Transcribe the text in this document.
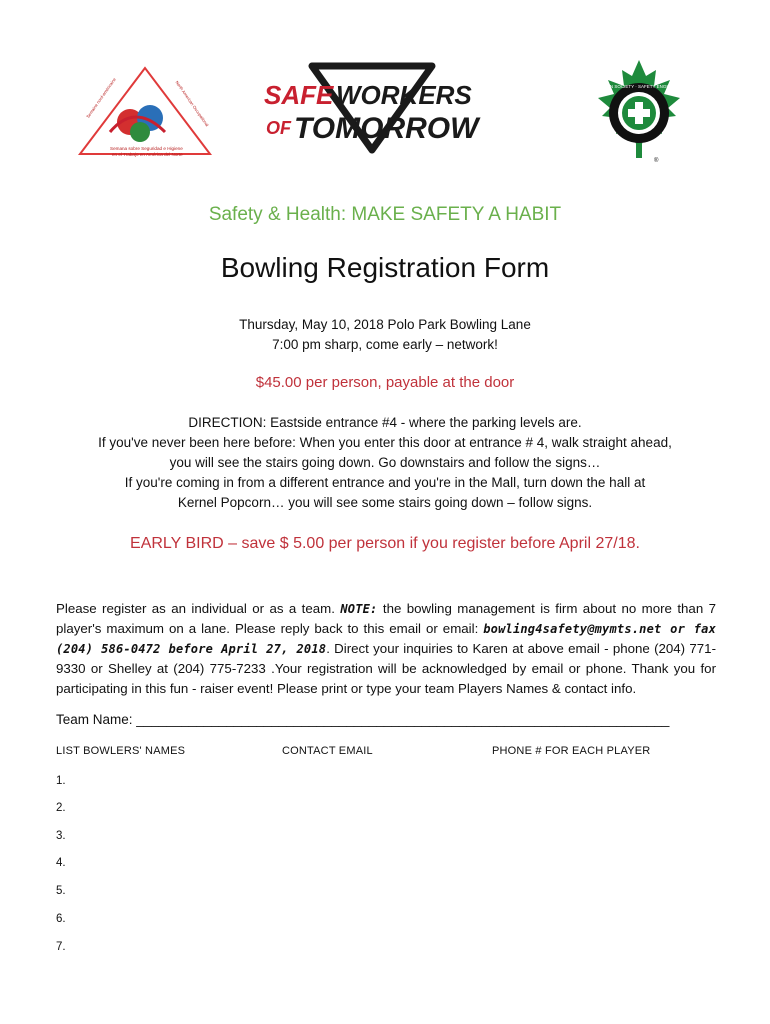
Semana sobre Seguridad e Higiene
en el Trabajo en América del Norte
Semaine nord-américaine	North American Occupational SAFE WORKERS
OF TOMORROW
CANADIAN SOCIETY · SAFETY ENGINEERING
®
Safety & Health: MAKE SAFETY A HABIT
Bowling Registration Form
Thursday, May 10, 2018 Polo Park Bowling Lane
7:00 pm sharp, come early – network!
$45.00 per person, payable at the door
DIRECTION: Eastside entrance #4 - where the parking levels are.
If you've never been here before: When you enter this door at entrance # 4, walk straight ahead,
you will see the stairs going down. Go downstairs and follow the signs…
If you're coming in from a different entrance and you're in the Mall, turn down the hall at
Kernel Popcorn… you will see some stairs going down – follow signs.
EARLY BIRD – save $ 5.00 per person if you register before April 27/18.
Please register as an individual or as a team. NOTE: the bowling management is firm about no more than 7 player's maximum on a lane. Please reply back to this email or email: bowling4safety@mymts.net or fax (204) 586-0472 before April 27, 2018. Direct your inquiries to Karen at above email - phone (204) 771-9330 or Shelley at (204) 775-7233 .Your registration will be acknowledged by email or phone. Thank you for participating in this fun - raiser event! Please print or type your team Players Names & contact info.
Team Name: _______________________________________________________________________
LIST BOWLERS' NAMES	CONTACT EMAIL	PHONE # FOR EACH PLAYER
1.
2.
3.
4.
5.
6.
7.
